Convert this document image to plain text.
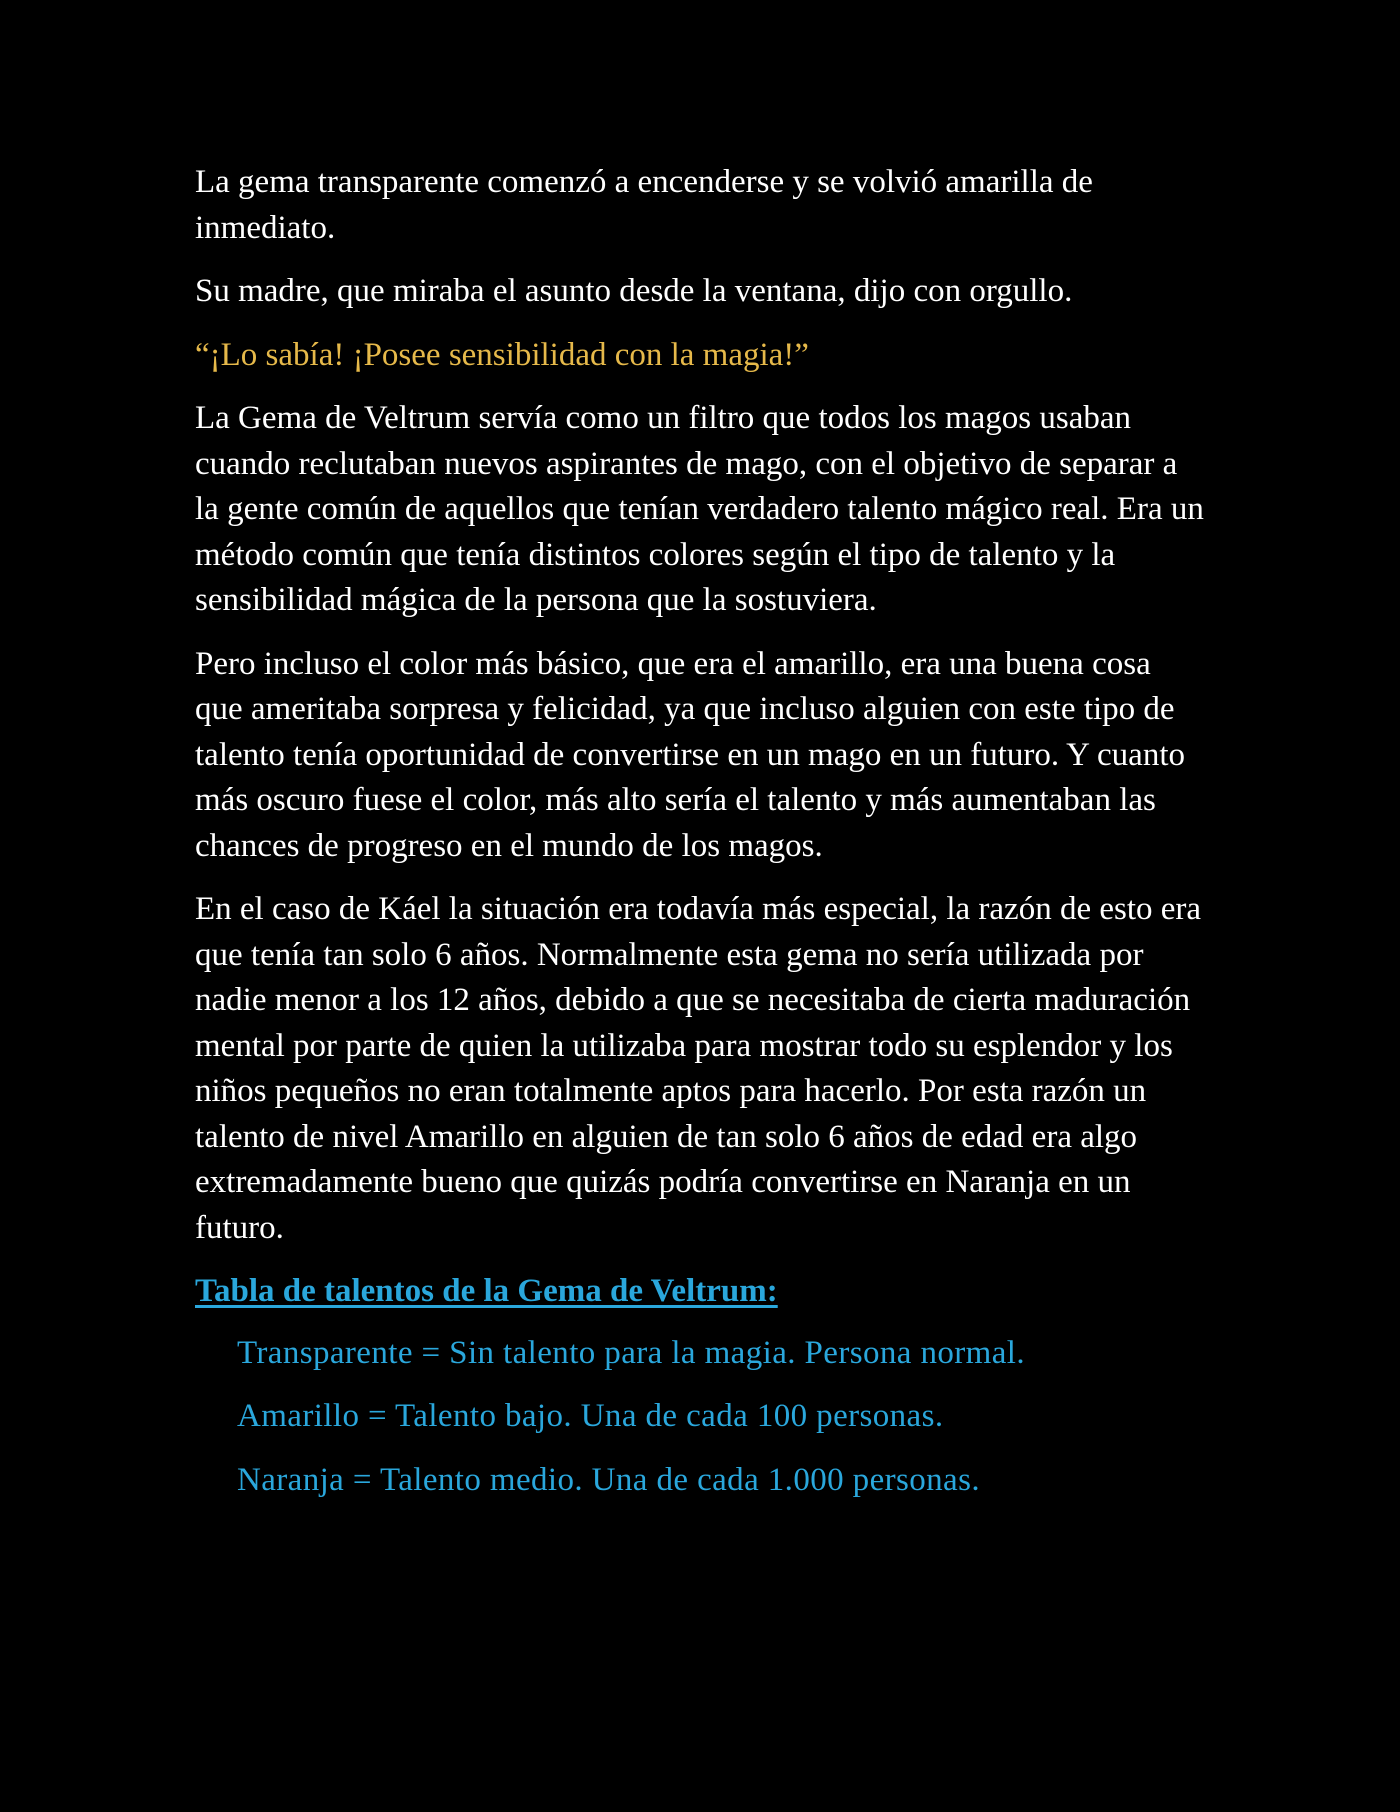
La gema transparente comenzó a encenderse y se volvió amarilla de inmediato.

Su madre, que miraba el asunto desde la ventana, dijo con orgullo.

“¡Lo sabía! ¡Posee sensibilidad con la magia!”

La Gema de Veltrum servía como un filtro que todos los magos usaban cuando reclutaban nuevos aspirantes de mago, con el objetivo de separar a la gente común de aquellos que tenían verdadero talento mágico real. Era un método común que tenía distintos colores según el tipo de talento y la sensibilidad mágica de la persona que la sostuviera.

Pero incluso el color más básico, que era el amarillo, era una buena cosa que ameritaba sorpresa y felicidad, ya que incluso alguien con este tipo de talento tenía oportunidad de convertirse en un mago en un futuro. Y cuanto más oscuro fuese el color, más alto sería el talento y más aumentaban las chances de progreso en el mundo de los magos.

En el caso de Káel la situación era todavía más especial, la razón de esto era que tenía tan solo 6 años. Normalmente esta gema no sería utilizada por nadie menor a los 12 años, debido a que se necesitaba de cierta maduración mental por parte de quien la utilizaba para mostrar todo su esplendor y los niños pequeños no eran totalmente aptos para hacerlo. Por esta razón un talento de nivel Amarillo en alguien de tan solo 6 años de edad era algo extremadamente bueno que quizás podría convertirse en Naranja en un futuro.

Tabla de talentos de la Gema de Veltrum:
Transparente = Sin talento para la magia. Persona normal.
Amarillo = Talento bajo. Una de cada 100 personas.
Naranja = Talento medio. Una de cada 1.000 personas.
